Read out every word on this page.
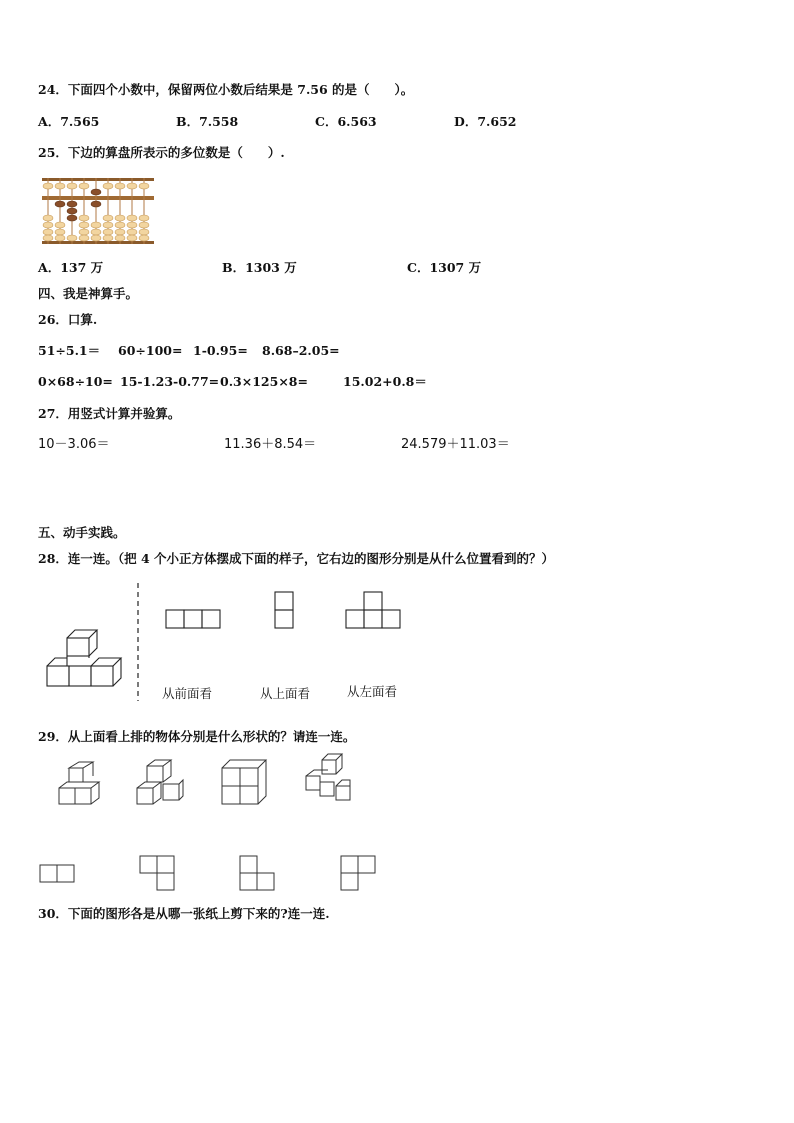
24．下面四个小数中，保留两位小数后结果是 7.56 的是（　　）。
A．7.565	B．7.558	C．6.563	D．7.652
25．下边的算盘所表示的多位数是（　　）.
A．137 万	B．1303 万	C．1307 万
四、我是神算手。
26．口算.
51÷5.1＝ 60÷100= 1-0.95= 8.68–2.05=
0×68÷10= 15-1.23-0.77= 0.3×125×8=	15.02+0.8＝
27．用竖式计算并验算。
10－3.06＝	11.36＋8.54＝	24.579＋11.03＝
五、动手实践。
28．连一连。（把 4 个小正方体摆成下面的样子，它右边的图形分别是从什么位置看到的？）
从前面看	从上面看	从左面看
29．从上面看上排的物体分别是什么形状的？请连一连。
30．下面的图形各是从哪一张纸上剪下来的?连一连.
